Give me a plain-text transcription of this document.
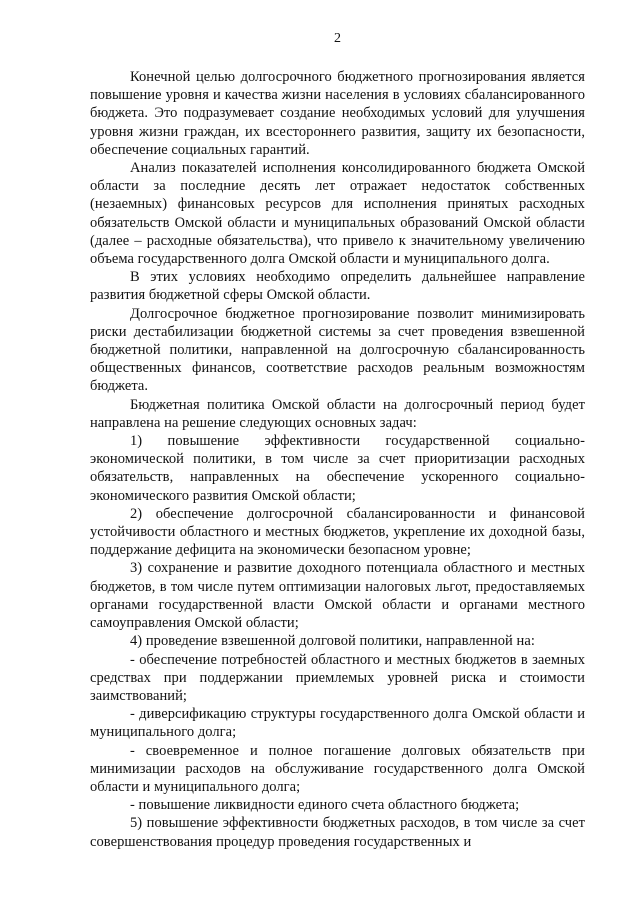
2

Конечной целью долгосрочного бюджетного прогнозирования является повышение уровня и качества жизни населения в условиях сбалансированного бюджета. Это подразумевает создание необходимых условий для улучшения уровня жизни граждан, их всестороннего развития, защиту их безопасности, обеспечение социальных гарантий.

Анализ показателей исполнения консолидированного бюджета Омской области за последние десять лет отражает недостаток собственных (незаемных) финансовых ресурсов для исполнения принятых расходных обязательств Омской области и муниципальных образований Омской области (далее – расходные обязательства), что привело к значительному увеличению объема государственного долга Омской области и муниципального долга.

В этих условиях необходимо определить дальнейшее направление развития бюджетной сферы Омской области.

Долгосрочное бюджетное прогнозирование позволит минимизировать риски дестабилизации бюджетной системы за счет проведения взвешенной бюджетной политики, направленной на долгосрочную сбалансированность общественных финансов, соответствие расходов реальным возможностям бюджета.

Бюджетная политика Омской области на долгосрочный период будет направлена на решение следующих основных задач:

1) повышение эффективности государственной социально-экономической политики, в том числе за счет приоритизации расходных обязательств, направленных на обеспечение ускоренного социально-экономического развития Омской области;

2) обеспечение долгосрочной сбалансированности и финансовой устойчивости областного и местных бюджетов, укрепление их доходной базы, поддержание дефицита на экономически безопасном уровне;

3) сохранение и развитие доходного потенциала областного и местных бюджетов, в том числе путем оптимизации налоговых льгот, предоставляемых органами государственной власти Омской области и органами местного самоуправления Омской области;

4) проведение взвешенной долговой политики, направленной на:

- обеспечение потребностей областного и местных бюджетов в заемных средствах при поддержании приемлемых уровней риска и стоимости заимствований;

- диверсификацию структуры государственного долга Омской области и муниципального долга;

- своевременное и полное погашение долговых обязательств при минимизации расходов на обслуживание государственного долга Омской области и муниципального долга;

- повышение ликвидности единого счета областного бюджета;

5) повышение эффективности бюджетных расходов, в том числе за счет совершенствования процедур проведения государственных и
